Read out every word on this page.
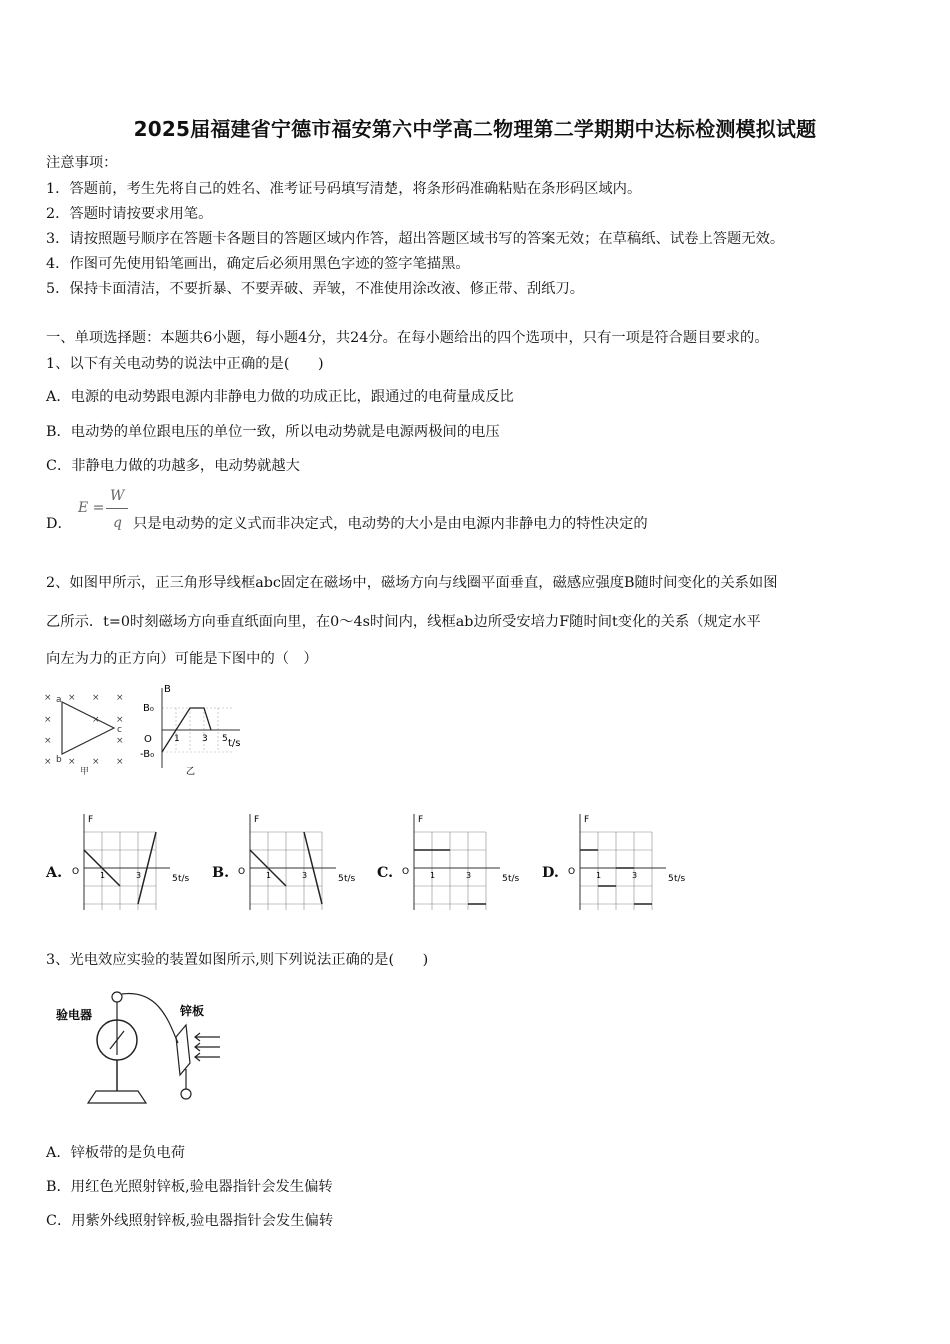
2025届福建省宁德市福安第六中学高二物理第二学期期中达标检测模拟试题
注意事项：
1．答题前，考生先将自己的姓名、准考证号码填写清楚，将条形码准确粘贴在条形码区域内。
2．答题时请按要求用笔。
3．请按照题号顺序在答题卡各题目的答题区域内作答，超出答题区域书写的答案无效；在草稿纸、试卷上答题无效。
4．作图可先使用铅笔画出，确定后必须用黑色字迹的签字笔描黑。
5．保持卡面清洁，不要折暴、不要弄破、弄皱，不准使用涂改液、修正带、刮纸刀。
一、单项选择题：本题共6小题，每小题4分，共24分。在每小题给出的四个选项中，只有一项是符合题目要求的。
1、以下有关电动势的说法中正确的是(　　)
A．电源的电动势跟电源内非静电力做的功成正比，跟通过的电荷量成反比
B．电动势的单位跟电压的单位一致，所以电动势就是电源两极间的电压
C．非静电力做的功越多，电动势就越大
D．
E =
W
q 只是电动势的定义式而非决定式，电动势的大小是由电源内非静电力的特性决定的
2、如图甲所示，正三角形导线框abc固定在磁场中，磁场方向与线圈平面垂直，磁感应强度B随时间变化的关系如图
乙所示．t=0时刻磁场方向垂直纸面向里，在0～4s时间内，线框ab边所受安培力F随时间t变化的关系（规定水平
向左为力的正方向）可能是下图中的（　）
× × × ×
×	× ×
×	×
× × × ×
a
b
c
甲
B
B₀
-B₀
O 1 3 5 t/s
乙
A.
F
O	1	3	5 t/s B.
F
O	1	3	5 t/s C.
F
O	1	3	5 t/s D.
F
O	1	3	5 t/s
3、光电效应实验的装置如图所示,则下列说法正确的是(　　)
验电器	锌板
A．锌板带的是负电荷
B．用红色光照射锌板,验电器指针会发生偏转
C．用紫外线照射锌板,验电器指针会发生偏转
